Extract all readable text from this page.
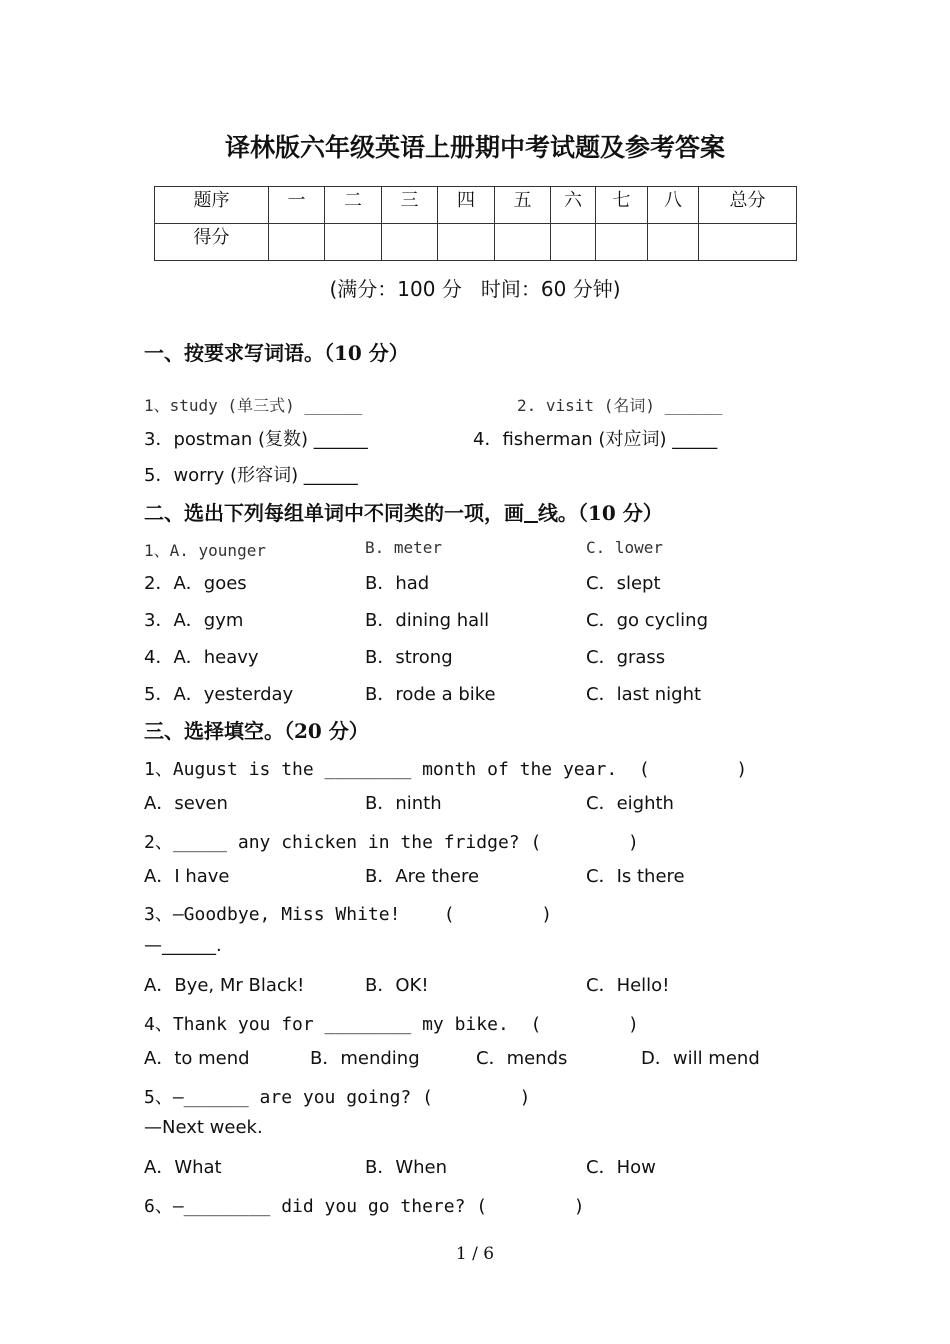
译林版六年级英语上册期中考试题及参考答案
题序	一	二	三	四	五	六	七	八	总分
得分									
(满分：100 分   时间：60 分钟)
一、按要求写词语。（10 分）
1、study (单三式) ______	2. visit (名词) ______
3．postman (复数) ______	4．fisherman (对应词) _____
5．worry (形容词) ______
二、选出下列每组单词中不同类的一项，画 线。（10 分）
1、A. younger	B. meter	C. lower
2．A．goes	B．had	C．slept
3．A．gym	B．dining hall	C．go cycling
4．A．heavy	B．strong	C．grass
5．A．yesterday	B．rode a bike	C．last night
三、选择填空。（20 分）
1、August is the ________ month of the year.  (        )
A．seven	B．ninth	C．eighth
2、_____ any chicken in the fridge? (        )
A．I have	B．Are there	C．Is there
3、—Goodbye, Miss White!    (        )
—______.
A．Bye, Mr Black!	B．OK!	C．Hello!
4、Thank you for ________ my bike.  (        )
A．to mend	B．mending	C．mends	D．will mend
5、—______ are you going? (        )
—Next week.
A．What	B．When	C．How
6、—________ did you go there? (        )
1 / 6
